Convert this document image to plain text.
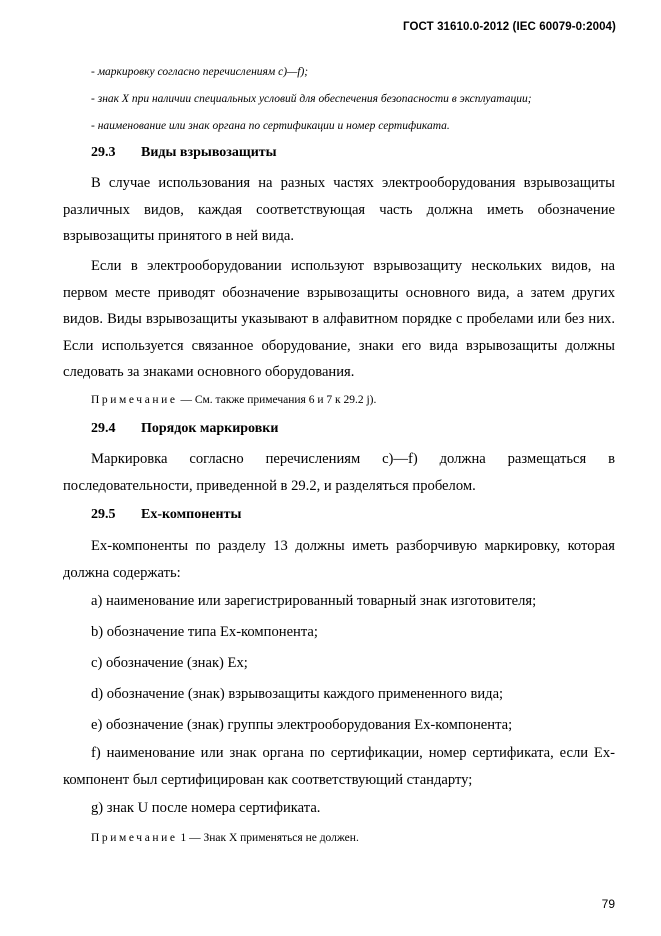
ГОСТ 31610.0-2012 (IEC 60079-0:2004)
- маркировку согласно перечислениям c)—f);
- знак X при наличии специальных условий для обеспечения безопасности в эксплуатации;
- наименование или знак органа по сертификации и номер сертификата.
29.3 Виды взрывозащиты
В случае использования на разных частях электрооборудования взрывозащиты различных видов, каждая соответствующая часть должна иметь обозначение взрывозащиты принятого в ней вида.
Если в электрооборудовании используют взрывозащиту нескольких видов, на первом месте приводят обозначение взрывозащиты основного вида, а затем других видов. Виды взрывозащиты указывают в алфавитном порядке с пробелами или без них. Если используется связанное оборудование, знаки его вида взрывозащиты должны следовать за знаками основного оборудования.
Примечание — См. также примечания 6 и 7 к 29.2 j).
29.4 Порядок маркировки
Маркировка согласно перечислениям c)—f) должна размещаться в последовательности, приведенной в 29.2, и разделяться пробелом.
29.5 Ex-компоненты
Ex-компоненты по разделу 13 должны иметь разборчивую маркировку, которая должна содержать:
a) наименование или зарегистрированный товарный знак изготовителя;
b) обозначение типа Ex-компонента;
c) обозначение (знак) Ex;
d) обозначение (знак) взрывозащиты каждого примененного вида;
e) обозначение (знак) группы электрооборудования Ex-компонента;
f) наименование или знак органа по сертификации, номер сертификата, если Ex-компонент был сертифицирован как соответствующий стандарту;
g) знак U после номера сертификата.
Примечание 1 — Знак X применяться не должен.
79
